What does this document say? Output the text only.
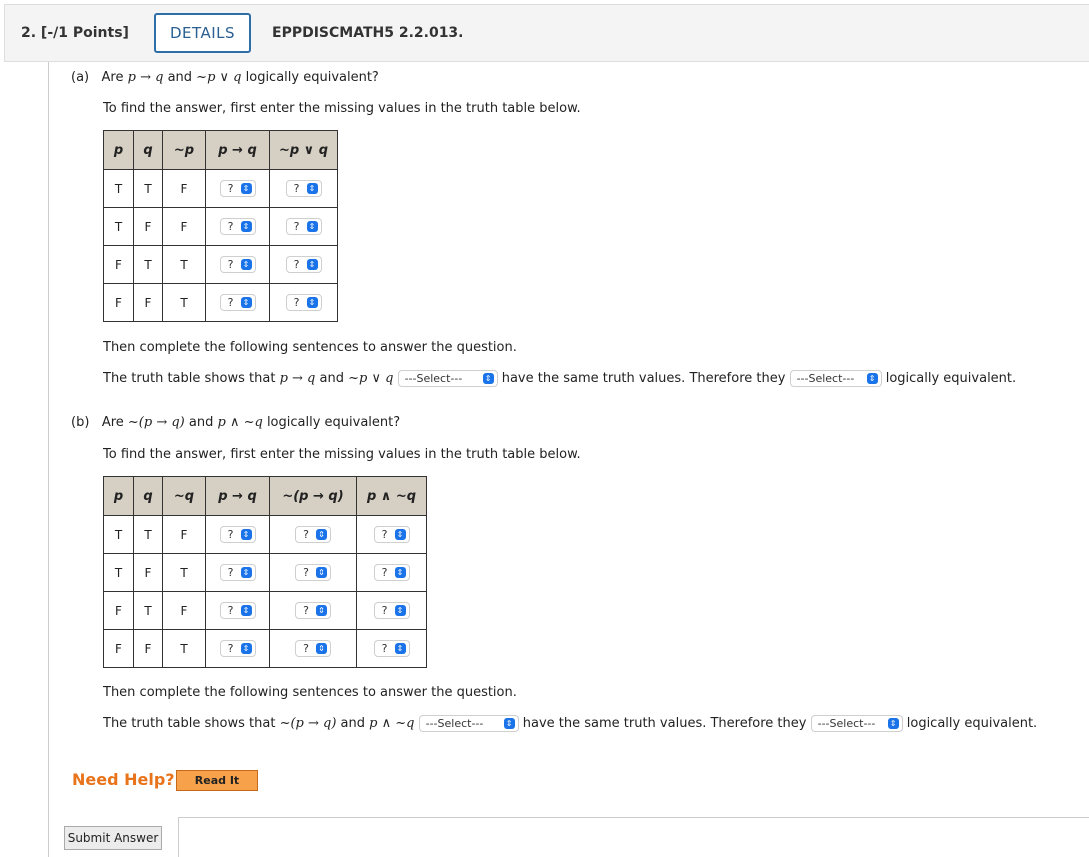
2. [-/1 Points]	DETAILS	EPPDISCMATH5 2.2.013.
(a) Are p → q and ~p ∨ q logically equivalent?
To find the answer, first enter the missing values in the truth table below.
p	q	~p	p → q	~p ∨ q
T	T	F	? ⇕	? ⇕

T	F	F	? ⇕	? ⇕

F	T	T	? ⇕	? ⇕

F	F	T	? ⇕	? ⇕
Then complete the following sentences to answer the question.
The truth table shows that p → q and ~p ∨ q ---Select---	⇕ have the same truth values. Therefore they ---Select---	⇕ logically equivalent.
(b) Are ~(p → q) and p ∧ ~q logically equivalent?
To find the answer, first enter the missing values in the truth table below.
p	q	~q	p → q	~(p → q)	p ∧ ~q
T	T	F	? ⇕	? ⇕	? ⇕

T	F	T	? ⇕	? ⇕	? ⇕

F	T	F	? ⇕	? ⇕	? ⇕

F	F	T	? ⇕	? ⇕	? ⇕
Then complete the following sentences to answer the question.
The truth table shows that ~(p → q) and p ∧ ~q ---Select---	⇕ have the same truth values. Therefore they ---Select---	⇕ logically equivalent.
Need Help?	Read It
Submit Answer
